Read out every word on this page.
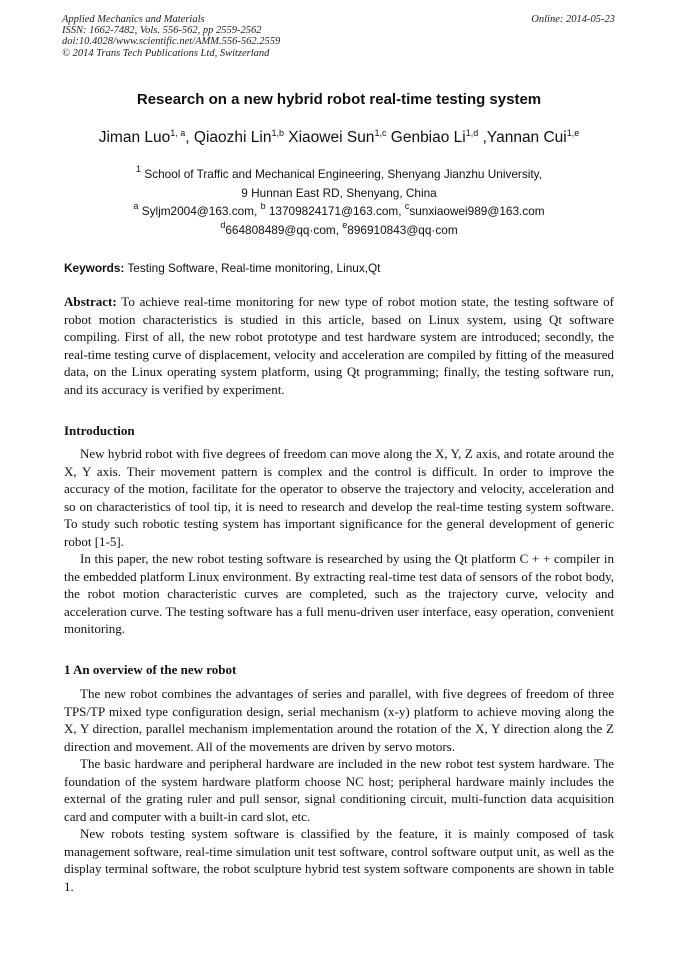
Applied Mechanics and Materials
ISSN: 1662-7482, Vols. 556-562, pp 2559-2562
doi:10.4028/www.scientific.net/AMM.556-562.2559
© 2014 Trans Tech Publications Ltd, Switzerland
Online: 2014-05-23
Research on a new hybrid robot real-time testing system
Jiman Luo$^{1, a}$, Qiaozhi Lin$^{1,b}$ Xiaowei Sun$^{1,c}$ Genbiao Li$^{1,d}$ ,Yannan Cui$^{1,e}$
$^1$ School of Traffic and Mechanical Engineering, Shenyang Jianzhu University,
9 Hunnan East RD, Shenyang, China
$^a$ Syljm2004@163.com, $^b$ 13709824171@163.com, $^c$sunxiaowei989@163.com
$^d$664808489@qq·com, $^e$896910843@qq·com
Keywords: Testing Software, Real-time monitoring, Linux,Qt

Abstract: To achieve real-time monitoring for new type of robot motion state, the testing software of robot motion characteristics is studied in this article, based on Linux system, using Qt software compiling. First of all, the new robot prototype and test hardware system are introduced; secondly, the real-time testing curve of displacement, velocity and acceleration are compiled by fitting of the measured data, on the Linux operating system platform, using Qt programming; finally, the testing software run, and its accuracy is verified by experiment.

Introduction

New hybrid robot with five degrees of freedom can move along the X, Y, Z axis, and rotate around the X, Y axis. Their movement pattern is complex and the control is difficult. In order to improve the accuracy of the motion, facilitate for the operator to observe the trajectory and velocity, acceleration and so on characteristics of tool tip, it is need to research and develop the real-time testing system software. To study such robotic testing system has important significance for the general development of generic robot [1-5].

In this paper, the new robot testing software is researched by using the Qt platform C + + compiler in the embedded platform Linux environment. By extracting real-time test data of sensors of the robot body, the robot motion characteristic curves are completed, such as the trajectory curve, velocity and acceleration curve. The testing software has a full menu-driven user interface, easy operation, convenient monitoring.

1 An overview of the new robot

The new robot combines the advantages of series and parallel, with five degrees of freedom of three TPS/TP mixed type configuration design, serial mechanism (x-y) platform to achieve moving along the X, Y direction, parallel mechanism implementation around the rotation of the X, Y direction along the Z direction and movement. All of the movements are driven by servo motors.

The basic hardware and peripheral hardware are included in the new robot test system hardware. The foundation of the system hardware platform choose NC host; peripheral hardware mainly includes the external of the grating ruler and pull sensor, signal conditioning circuit, multi-function data acquisition card and computer with a built-in card slot, etc.

New robots testing system software is classified by the feature, it is mainly composed of task management software, real-time simulation unit test software, control software output unit, as well as the display terminal software, the robot sculpture hybrid test system software components are shown in table 1.
